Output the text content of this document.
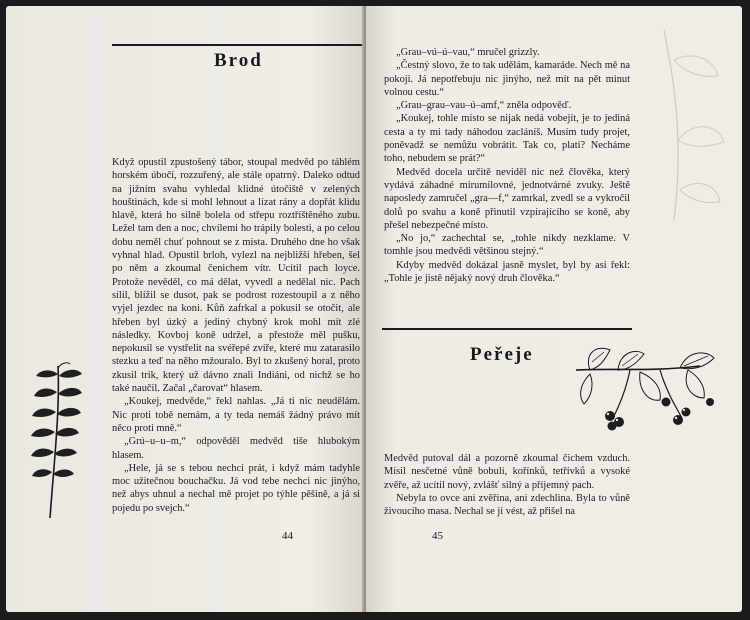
Brod

Když opustil zpustošený tábor, stoupal medvěd po táhlém horském úbočí, rozzuřený, ale stále opatrný. Daleko odtud na jižním svahu vyhledal klidné útočiště v zelených houštinách, kde si mohl lehnout a lízat rány a dopřát klidu hlavě, která ho silně bolela od střepu roztříštěného zubu. Ležel tam den a noc, chvílemi ho trápily bolesti, a po celou dobu neměl chuť pohnout se z místa. Druhého dne ho však vyhnal hlad. Opustil brloh, vylezl na nejbližší hřeben, šel po něm a zkoumal čenichem vítr. Ucítil pach loyce. Protože nevěděl, co má dělat, vyvedl a nedělal nic. Pach sílil, blížil se dusot, pak se podrost rozestoupil a z něho vyjel jezdec na koni. Kůň zafrkal a pokusil se otočit, ale hřeben byl úzký a jediný chybný krok mohl mít zlé následky. Kovboj koně udržel, a přestože měl pušku, nepokusil se vystřelit na svéřepé zvíře, které mu zatarasilo stezku a teď na něho mžouralo. Byl to zkušený horal, proto zkusil trik, který už dávno znali Indiáni, od nichž se ho také naučil. Začal „čarovat“ hlasem.

„Koukej, medvěde,“ řekl nahlas. „Já ti nic neudělám. Nic proti tobě nemám, a ty teda nemáš žádný právo mít něco proti mně.“

„Grú–u–u–m,“ odpověděl medvěd tiše hlubokým hlasem.

„Hele, já se s tebou nechci prát, i když mám tadyhle moc užitečnou bouchačku. Já vod tebe nechci nic jinýho, než abys uhnul a nechal mě projet po týhle pěšině, a já si pojedu po svejch.“

44

„Grau–vú–ú–vau,“ mručel grizzly.

„Čestný slovo, že to tak udělám, kamaráde. Nech mě na pokoji. Já nepotřebuju nic jinýho, než mít na pět minut volnou cestu.“

„Grau–grau–vau–ú–amf,“ zněla odpověď.

„Koukej, tohle místo se nijak nedá vobejít, je to jediná cesta a ty mi tady náhodou zacláníš. Musím tudy projet, poněvadž se nemůžu vobrátit. Tak co, platí? Necháme toho, nebudem se prát?“

Medvěd docela určitě neviděl nic než člověka, který vydává záhadné mírumilovné, jednotvárné zvuky. Ještě naposledy zamručel „gra––f,“ zamrkal, zvedl se a vykročil dolů po svahu a koně přinutil vzpírajícího se koně, aby přešel nebezpečné místo.

„No jo,“ zachechtal se, „tohle nikdy nezklame. V tomhle jsou medvědi většinou stejný.“

Kdyby medvěd dokázal jasně myslet, byl by asi řekl: „Tohle je jistě nějaký nový druh člověka.“

Peřeje

Medvěd putoval dál a pozorně zkoumal čichem vzduch. Mísil nesčetné vůně bobulí, kořínků, tetřívků a vysoké zvěře, až ucítil nový, zvlášť silný a příjemný pach.

Nebyla to ovce ani zvěřina, ani zdechlina. Byla to vůně živoucího masa. Nechal se jí vést, až přišel na

45
